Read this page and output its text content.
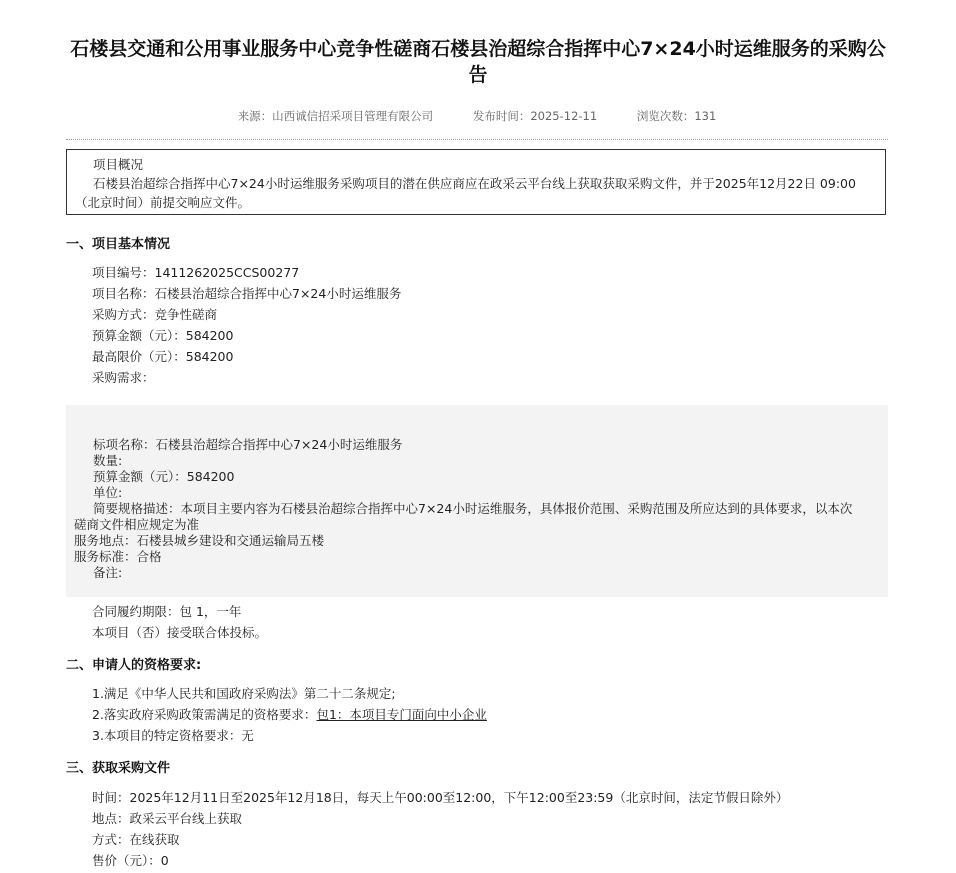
石楼县交通和公用事业服务中心竞争性磋商石楼县治超综合指挥中心7×24小时运维服务的采购公告
来源：山西诚信招采项目管理有限公司	发布时间：2025-12-11	浏览次数：131
项目概况
石楼县治超综合指挥中心7×24小时运维服务采购项目的潜在供应商应在政采云平台线上获取获取采购文件，并于2025年12月22日 09:00（北京时间）前提交响应文件。
一、项目基本情况
项目编号：1411262025CCS00277
项目名称：石楼县治超综合指挥中心7×24小时运维服务
采购方式：竞争性磋商
预算金额（元）：584200
最高限价（元）：584200
采购需求：
标项名称：石楼县治超综合指挥中心7×24小时运维服务
数量:
预算金额（元）：584200
单位:
简要规格描述：本项目主要内容为石楼县治超综合指挥中心7×24小时运维服务，具体报价范围、采购范围及所应达到的具体要求，以本次
磋商文件相应规定为准
服务地点：石楼县城乡建设和交通运输局五楼
服务标准：合格
备注:
合同履约期限：包 1，一年
本项目（否）接受联合体投标。
二、申请人的资格要求:
1.满足《中华人民共和国政府采购法》第二十二条规定;
2.落实政府采购政策需满足的资格要求：包1：本项目专门面向中小企业
3.本项目的特定资格要求：无
三、获取采购文件
时间：2025年12月11日至2025年12月18日，每天上午00:00至12:00，下午12:00至23:59（北京时间，法定节假日除外）
地点：政采云平台线上获取
方式：在线获取
售价（元）：0
